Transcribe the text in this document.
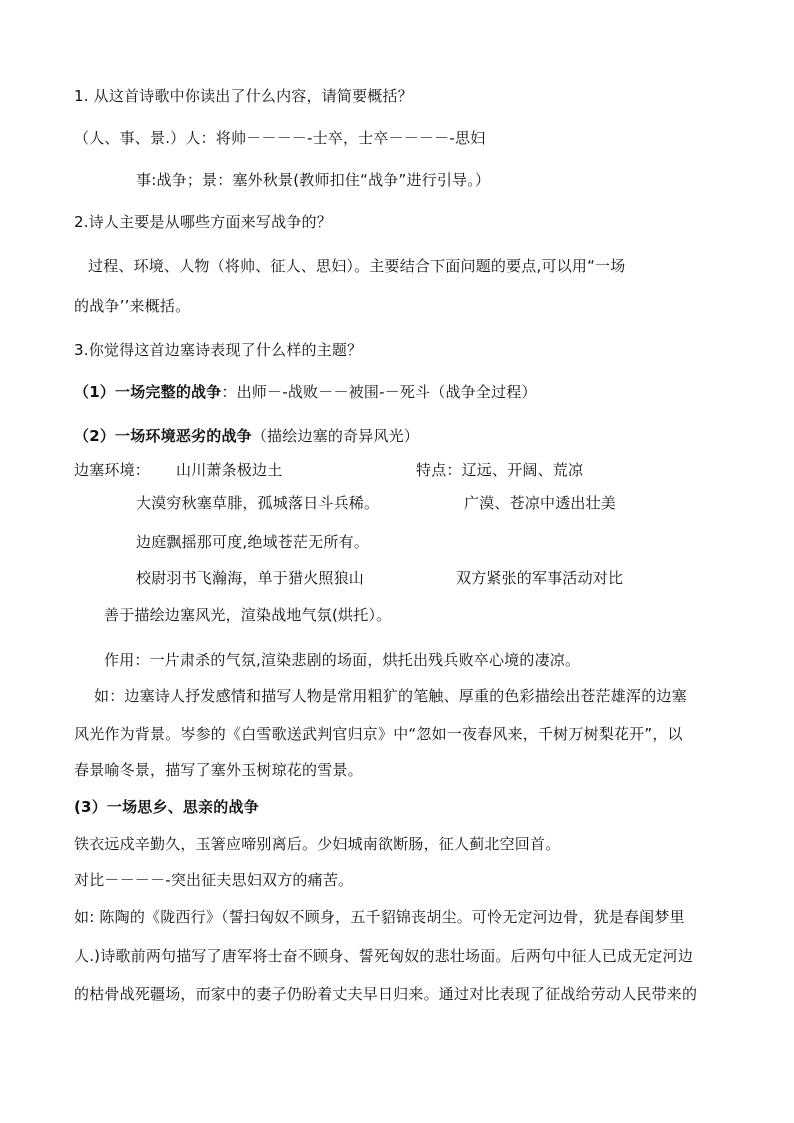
1. 从这首诗歌中你读出了什么内容，请简要概括？
（人、事、景.）人：将帅－－－－-士卒，士卒－－－－-思妇
事:战争；景：塞外秋景(教师扣住“战争”进行引导。）
2.诗人主要是从哪些方面来写战争的？
过程、环境、人物（将帅、征人、思妇）。主要结合下面问题的要点,可以用“一场
的战争’’来概括。
3.你觉得这首边塞诗表现了什么样的主题？
（1）一场完整的战争：出师－-战败－－被围-－死斗（战争全过程）
（2）一场环境恶劣的战争（描绘边塞的奇异风光）
边塞环境： 山川萧条极边土	特点：辽远、开阔、荒凉
大漠穷秋塞草腓，孤城落日斗兵稀。	广漠、苍凉中透出壮美
边庭飘摇那可度,绝域苍茫无所有。
校尉羽书飞瀚海，单于猎火照狼山	双方紧张的军事活动对比
善于描绘边塞风光，渲染战地气氛(烘托）。
作用：一片肃杀的气氛,渲染悲剧的场面，烘托出残兵败卒心境的凄凉。
如：边塞诗人抒发感情和描写人物是常用粗犷的笔触、厚重的色彩描绘出苍茫雄浑的边塞
风光作为背景。岑参的《白雪歌送武判官归京》中“忽如一夜春风来，千树万树梨花开”，以
春景喻冬景，描写了塞外玉树琼花的雪景。
(3）一场思乡、思亲的战争
铁衣远戍辛勤久，玉箸应啼别离后。少妇城南欲断肠，征人蓟北空回首。
对比－－－－-突出征夫思妇双方的痛苦。
如: 陈陶的《陇西行》（誓扫匈奴不顾身，五千貂锦丧胡尘。可怜无定河边骨，犹是春闺梦里
人.)诗歌前两句描写了唐军将士奋不顾身、誓死匈奴的悲壮场面。后两句中征人已成无定河边
的枯骨战死疆场，而家中的妻子仍盼着丈夫早日归来。通过对比表现了征战给劳动人民带来的
